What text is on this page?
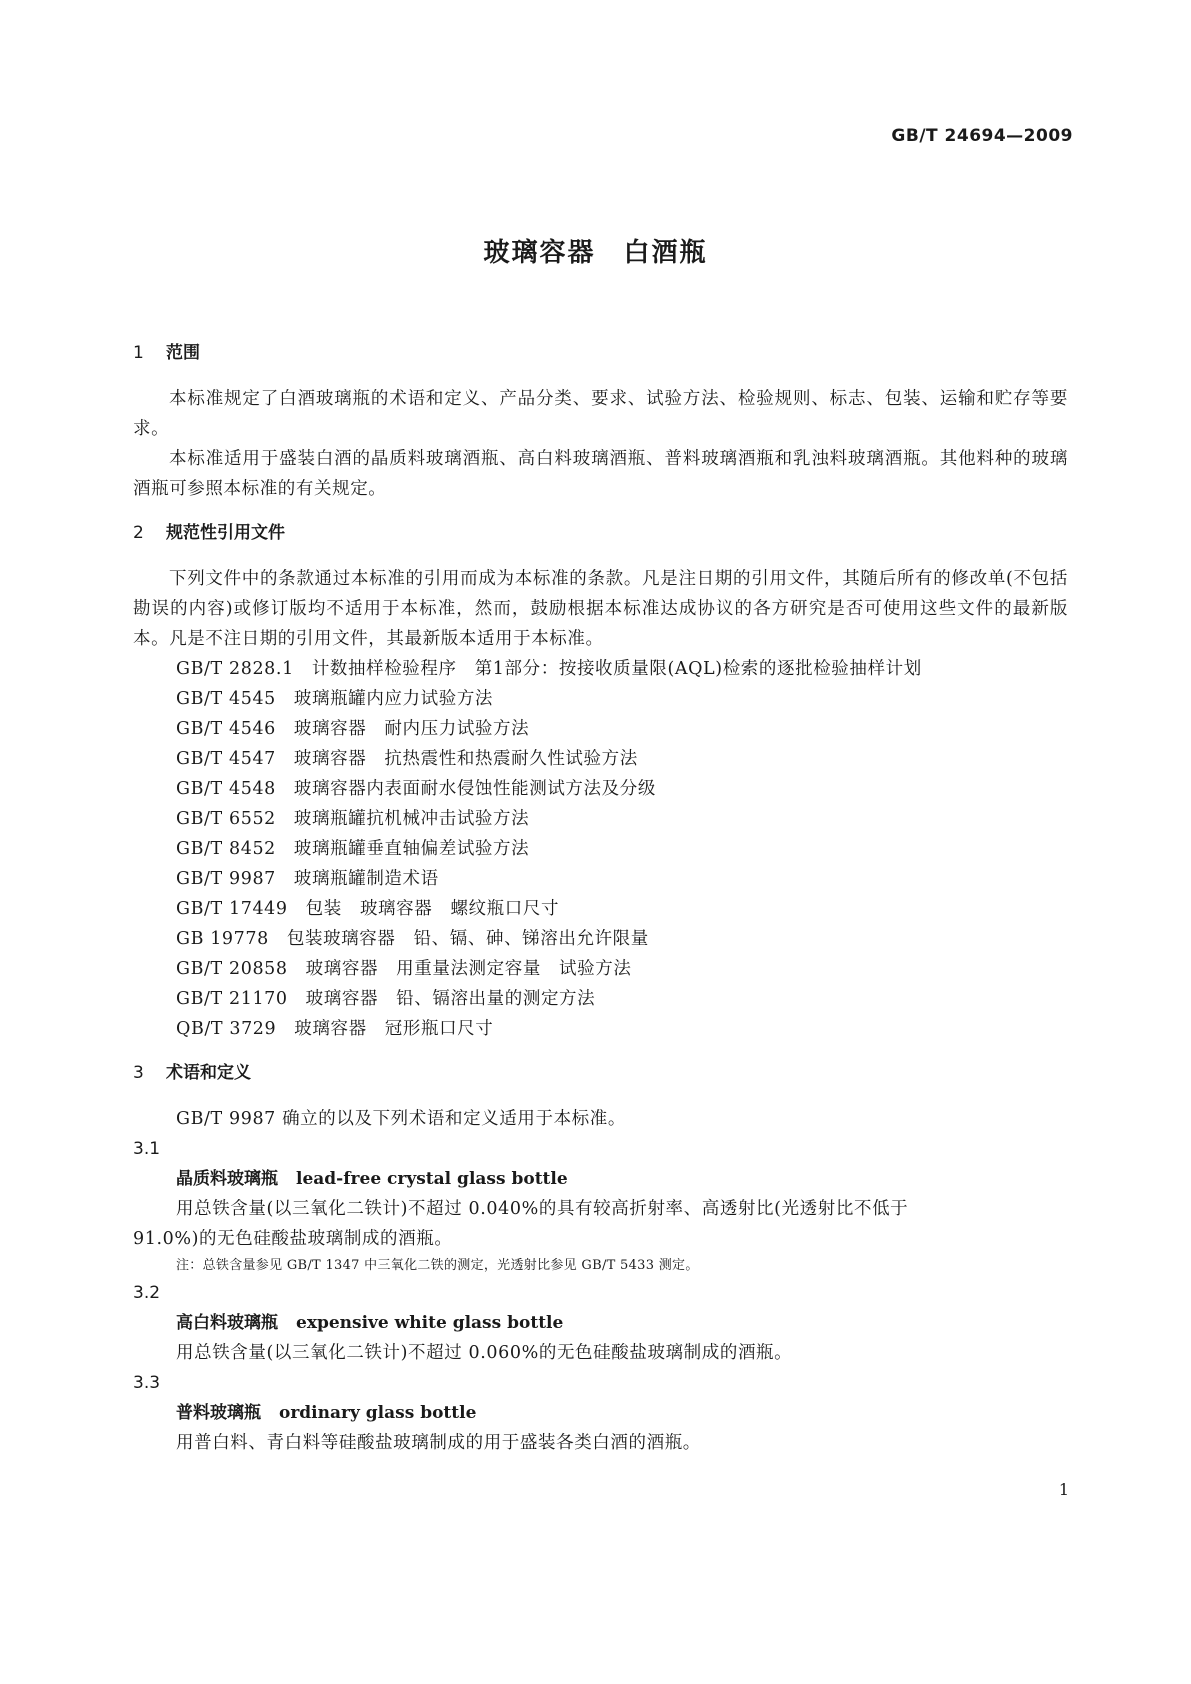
GB/T 24694—2009
玻璃容器　白酒瓶
1 范围

本标准规定了白酒玻璃瓶的术语和定义、产品分类、要求、试验方法、检验规则、标志、包装、运输和贮存等要求。

本标准适用于盛装白酒的晶质料玻璃酒瓶、高白料玻璃酒瓶、普料玻璃酒瓶和乳浊料玻璃酒瓶。其他料种的玻璃酒瓶可参照本标准的有关规定。

2 规范性引用文件

下列文件中的条款通过本标准的引用而成为本标准的条款。凡是注日期的引用文件，其随后所有的修改单(不包括勘误的内容)或修订版均不适用于本标准，然而，鼓励根据本标准达成协议的各方研究是否可使用这些文件的最新版本。凡是不注日期的引用文件，其最新版本适用于本标准。

GB/T 2828.1 计数抽样检验程序　第1部分：按接收质量限(AQL)检索的逐批检验抽样计划
GB/T 4545 玻璃瓶罐内应力试验方法
GB/T 4546 玻璃容器　耐内压力试验方法
GB/T 4547 玻璃容器　抗热震性和热震耐久性试验方法
GB/T 4548 玻璃容器内表面耐水侵蚀性能测试方法及分级
GB/T 6552 玻璃瓶罐抗机械冲击试验方法
GB/T 8452 玻璃瓶罐垂直轴偏差试验方法
GB/T 9987 玻璃瓶罐制造术语
GB/T 17449 包装　玻璃容器　螺纹瓶口尺寸
GB 19778 包装玻璃容器　铅、镉、砷、锑溶出允许限量
GB/T 20858 玻璃容器　用重量法测定容量　试验方法
GB/T 21170 玻璃容器　铅、镉溶出量的测定方法
QB/T 3729 玻璃容器　冠形瓶口尺寸
3 术语和定义

GB/T 9987 确立的以及下列术语和定义适用于本标准。

3.1
晶质料玻璃瓶 lead-free crystal glass bottle
用总铁含量(以三氧化二铁计)不超过 0.040%的具有较高折射率、高透射比(光透射比不低于
91.0%)的无色硅酸盐玻璃制成的酒瓶。
注：总铁含量参见 GB/T 1347 中三氧化二铁的测定，光透射比参见 GB/T 5433 测定。
3.2
高白料玻璃瓶 expensive white glass bottle
用总铁含量(以三氧化二铁计)不超过 0.060%的无色硅酸盐玻璃制成的酒瓶。
3.3
普料玻璃瓶 ordinary glass bottle
用普白料、青白料等硅酸盐玻璃制成的用于盛装各类白酒的酒瓶。
1
